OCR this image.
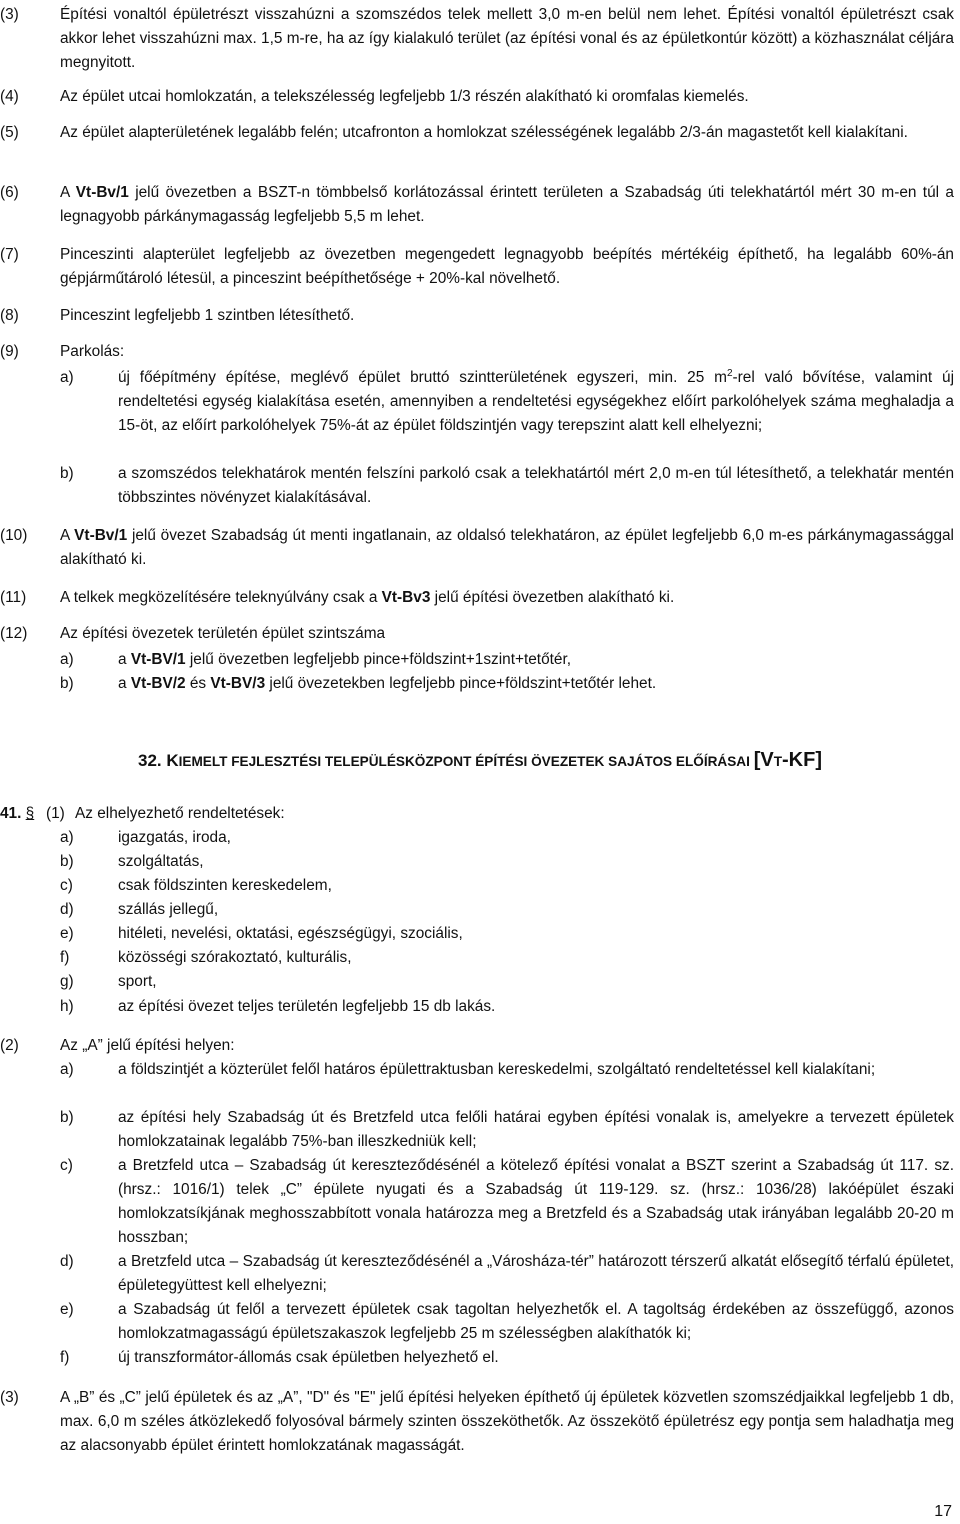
(3)	Építési vonaltól épületrészt visszahúzni a szomszédos telek mellett 3,0 m-en belül nem lehet. Építési vonaltól épületrészt csak akkor lehet visszahúzni max. 1,5 m-re, ha az így kialakuló terület (az építési vonal és az épületkontúr között) a közhasználat céljára megnyitott.
(4)	Az épület utcai homlokzatán, a telekszélesség legfeljebb 1/3 részén alakítható ki oromfalas kiemelés.
(5)	Az épület alapterületének legalább felén; utcafronton a homlokzat szélességének legalább 2/3-án magastetőt kell kialakítani.
(6)	A Vt-Bv/1 jelű övezetben a BSZT-n tömbbelső korlátozással érintett területen a Szabadság úti telekhatártól mért 30 m-en túl a legnagyobb párkánymagasság legfeljebb 5,5 m lehet.
(7)	Pinceszinti alapterület legfeljebb az övezetben megengedett legnagyobb beépítés mértékéig építhető, ha legalább 60%-án gépjárműtároló létesül, a pinceszint beépíthetősége + 20%-kal növelhető.
(8)	Pinceszint legfeljebb 1 szintben létesíthető.
(9)	Parkolás:
a)	új főépítmény építése, meglévő épület bruttó szintterületének egyszeri, min. 25 $m^2$-rel való bővítése, valamint új rendeltetési egység kialakítása esetén, amennyiben a rendeltetési egységekhez előírt parkolóhelyek száma meghaladja a 15-öt, az előírt parkolóhelyek 75%-át az épület földszintjén vagy terepszint alatt kell elhelyezni;
b)	a szomszédos telekhatárok mentén felszíni parkoló csak a telekhatártól mért 2,0 m-en túl létesíthető, a telekhatár mentén többszintes növényzet kialakításával.
(10)	A Vt-Bv/1 jelű övezet Szabadság út menti ingatlanain, az oldalsó telekhatáron, az épület legfeljebb 6,0 m-es párkánymagassággal alakítható ki.
(11)	A telkek megközelítésére teleknyúlvány csak a Vt-Bv3 jelű építési övezetben alakítható ki.
(12)	Az építési övezetek területén épület szintszáma
a)	a Vt-BV/1 jelű övezetben legfeljebb pince+földszint+1szint+tetőtér,
b)	a Vt-BV/2 és Vt-BV/3 jelű övezetekben legfeljebb pince+földszint+tetőtér lehet.
32. KIEMELT FEJLESZTÉSI TELEPÜLÉSKÖZPONT ÉPÍTÉSI ÖVEZETEK SAJÁTOS ELŐÍRÁSAI [VT-KF]
41. § (1) Az elhelyezhető rendeltetések:
a)	igazgatás, iroda,
b)	szolgáltatás,
c)	csak földszinten kereskedelem,
d)	szállás jellegű,
e)	hitéleti, nevelési, oktatási, egészségügyi, szociális,
f)	közösségi szórakoztató, kulturális,
g)	sport,
h)	az építési övezet teljes területén legfeljebb 15 db lakás.
(2)	Az „A” jelű építési helyen:
a)	a földszintjét a közterület felől határos épülettraktusban kereskedelmi, szolgáltató rendeltetéssel kell kialakítani;
b)	az építési hely Szabadság út és Bretzfeld utca felőli határai egyben építési vonalak is, amelyekre a tervezett épületek homlokzatainak legalább 75%-ban illeszkedniük kell;
c)	a Bretzfeld utca – Szabadság út kereszteződésénél a kötelező építési vonalat a BSZT szerint a Szabadság út 117. sz. (hrsz.: 1016/1) telek „C” épülete nyugati és a Szabadság út 119-129. sz. (hrsz.: 1036/28) lakóépület északi homlokzatsíkjának meghosszabbított vonala határozza meg a Bretzfeld és a Szabadság utak irányában legalább 20-20 m hosszban;
d)	a Bretzfeld utca – Szabadság út kereszteződésénél a „Városháza-tér” határozott térszerű alkatát elősegítő térfalú épületet, épületegyüttest kell elhelyezni;
e)	a Szabadság út felől a tervezett épületek csak tagoltan helyezhetők el. A tagoltság érdekében az összefüggő, azonos homlokzatmagasságú épületszakaszok legfeljebb 25 m szélességben alakíthatók ki;
f)	új transzformátor-állomás csak épületben helyezhető el.
(3)	A „B” és „C” jelű épületek és az „A”, "D" és "E" jelű építési helyeken építhető új épületek közvetlen szomszédjaikkal legfeljebb 1 db, max. 6,0 m széles átközlekedő folyosóval bármely szinten összeköthetők. Az összekötő épületrész egy pontja sem haladhatja meg az alacsonyabb épület érintett homlokzatának magasságát.
17
